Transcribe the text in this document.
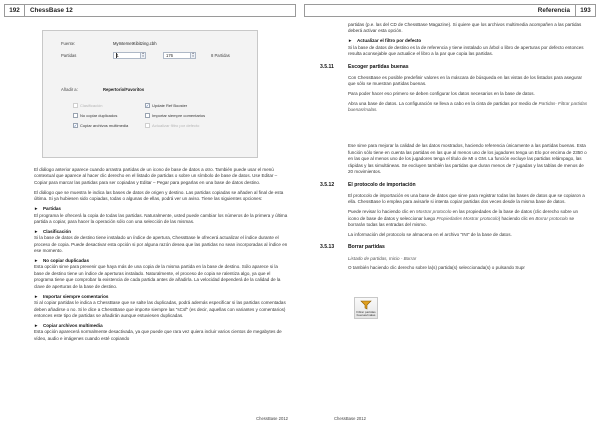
192	ChessBase 12
Fuente:	MyInternetKibitzing.cbh
Partidas	1	▲
▼	176	▲
▼	8 Partidas
Añadir a:	Repertorio/Favoritos
Clasificación	✓ Update Ref Booster
No copiar duplicados	Importar siempre comentarios
✓ Copiar archivos multimedia	Actualizar filtro por defecto

El diálogo anterior aparece cuando arrastra partidas de un icono de base de datos a otro. También puede usar el menú contextual que aparece al hacer clic derecho en el listado de partidas o sobre un símbolo de base de datos. Use Editar – Copiar para marcar las partidas para ser copiadas y Editar – Pegar para pegarlas en una base de datos destino.

El diálogo que se muestra le indica las bases de datos de origen y destino. Las partidas copiadas se añaden al final de esta última. Si ya hubiesen sido copiadas, todas o algunas de ellas, podrá ver un aviso. Tiene las siguientes opciones:

► Partidas

El programa le ofrecerá la copia de todas las partidas. Naturalmente, usted puede cambiar los números de la primera y última partida a copiar, para hacer la operación sólo con una selección de las mismas.

► Clasificación

Si la base de datos de destino tiene instalado un índice de apertura, ChessBase le ofrecerá actualizar el índice durante el proceso de copia. Puede desactivar esta opción si por alguna razón desea que las partidas no sean incorporadas al índice en ese momento.

► No copiar duplicadas

Esta opción sirve para prevenir que haya más de una copia de la misma partida en la base de destino. Sólo aparece si la base de destino tiene un índice de aperturas instalado. Naturalmente, el proceso de copia se ralentiza algo, ya que el programa tiene que comprobar la existencia de cada partida antes de añadirla. La velocidad dependerá de la calidad de la clave de aperturas de la base de destino.

► Importar siempre comentarios

Si al copiar partidas le indica a ChessBase que se salte las duplicadas, podrá además especificar si las partidas comentadas deben añadirse o no. Si le dice a ChessBase que importe siempre las "sCsf" (es decir, aquellas con variantes y comentarios) entonces este tipo de partidas se añadirán aunque estuviesen duplicadas.

► Copiar archivos multimedia

Esta opción aparecerá normalmente desactivada, ya que puede que rara vez quiera incluir varios cientos de megabytes de vídeo, audio e imágenes cuando esté copiando

ChessBase 2012
Referencia	193

partidas (p.e. las del CD de ChessBase Magazine). Si quiere que los archivos multimedia acompañen a las partidas deberá activar esta opción.

► Actualizar el filtro por defecto

Si la base de datos de destino es la de referencia y tiene instalado un árbol o libro de aperturas por defecto entonces resulta aconsejable que actualice el libro a la par que copia las partidas.

3.5.11	Escoger partidas buenas

Con ChessBase es posible predefinir valores en la máscara de búsqueda en las vistas de los listados para asegurar que sólo se muestran partidas buenas.

Para poder hacer eso primero se deben configurar los datos necesarios en la base de datos.

Abra una base de datos. La configuración se lleva a cabo en la cinta de partidas por medio de Partidas- Filtrar partidas buenas/malas.

Ese sirve para mejorar la calidad de las datos mostrados, haciendo referencia únicamente a las partidas buenas. Esta función sólo tiene en cuenta las partidas en las que al menos uno de los jugadores tenga un Elo por encima de 2350 o en las que al menos uno de los jugadores tenga el título de MI o GM. La función excluye las partidas relámpago, las rápidas y las simultáneas. Se excluyen también las partidas que duran menos de 7 jugadas y las tablas de menos de 20 movimientos.

3.5.12	El protocolo de importación

El protocolo de importación es una base de datos que sirve para registrar todas las bases de datos que se copiaron a ella. ChessBase lo emplea para avisarle si intenta copiar partidas dos veces desde la misma base de datos.

Puede revisar lo haciendo clic en Mostrar protocolo en las propiedades de la base de datos (clic derecho sobre un icono de base de datos y seleccionar luego Propiedades Mostrar protocolo) haciendo clic en Borrar protocolo se borrarán todas las entradas del mismo.

La información del protocolo se almacena en el archivo "INI" de la base de datos.

3.5.13	Borrar partidas

Listado de partidas, Inicio - Borrar

O también haciendo clic derecho sobre la(s) partida(s) seleccionada(s) o pulsando Supr

Filtrar partidas buenas/malas
ChessBase 2012
